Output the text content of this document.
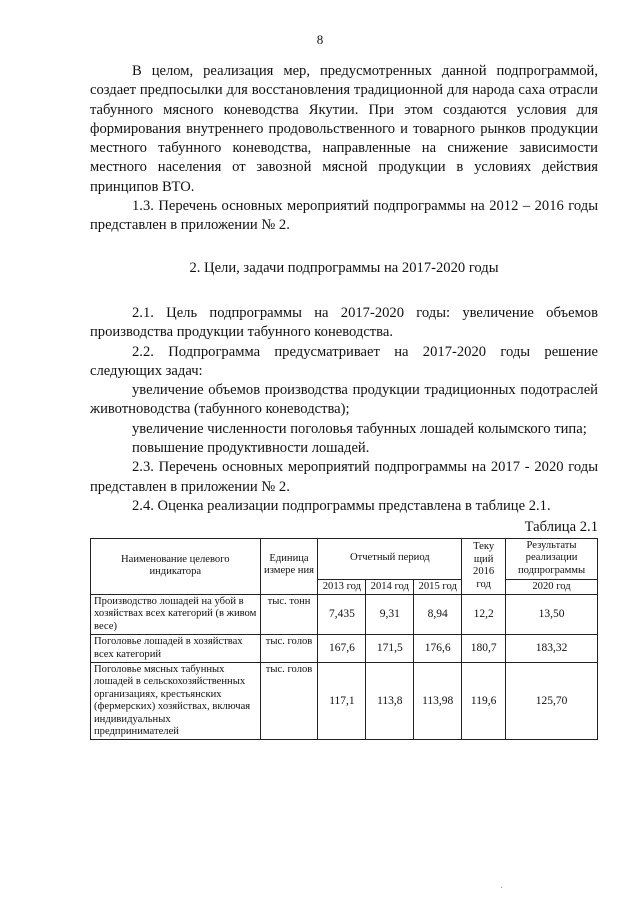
8

В целом, реализация мер, предусмотренных данной подпрограммой, создает предпосылки для восстановления традиционной для народа саха отрасли табунного мясного коневодства Якутии. При этом создаются условия для формирования внутреннего продовольственного и товарного рынков продукции местного табунного коневодства, направленные на снижение зависимости местного населения от завозной мясной продукции в условиях действия принципов ВТО.

1.3. Перечень основных мероприятий подпрограммы на 2012 – 2016 годы представлен в приложении № 2.

2. Цели, задачи подпрограммы на 2017-2020 годы

2.1. Цель подпрограммы на 2017-2020 годы: увеличение объемов производства продукции табунного коневодства.

2.2. Подпрограмма предусматривает на 2017-2020 годы решение следующих задач:

увеличение объемов производства продукции традиционных подотраслей животноводства (табунного коневодства);

увеличение численности поголовья табунных лошадей колымского типа;

повышение продуктивности лошадей.

2.3. Перечень основных мероприятий подпрограммы на 2017 - 2020 годы представлен в приложении № 2.

2.4. Оценка реализации подпрограммы представлена в таблице 2.1.

Таблица 2.1

Наименование целевого индикатора	Единица измере ния	Отчетный период			Теку щий 2016 год	Результаты реализации подпрограммы
		2013 год	2014 год	2015 год		2020 год
Производство лошадей на убой в хозяйствах всех категорий (в живом весе)	тыс. тонн	7,435	9,31	8,94	12,2	13,50
Поголовье лошадей в хозяйствах всех категорий	тыс. голов	167,6	171,5	176,6	180,7	183,32
Поголовье мясных табунных лошадей в сельскохозяйственных организациях, крестьянских (фермерских) хозяйствах, включая индивидуальных предпринимателей	тыс. голов	117,1	113,8	113,98	119,6	125,70
·
